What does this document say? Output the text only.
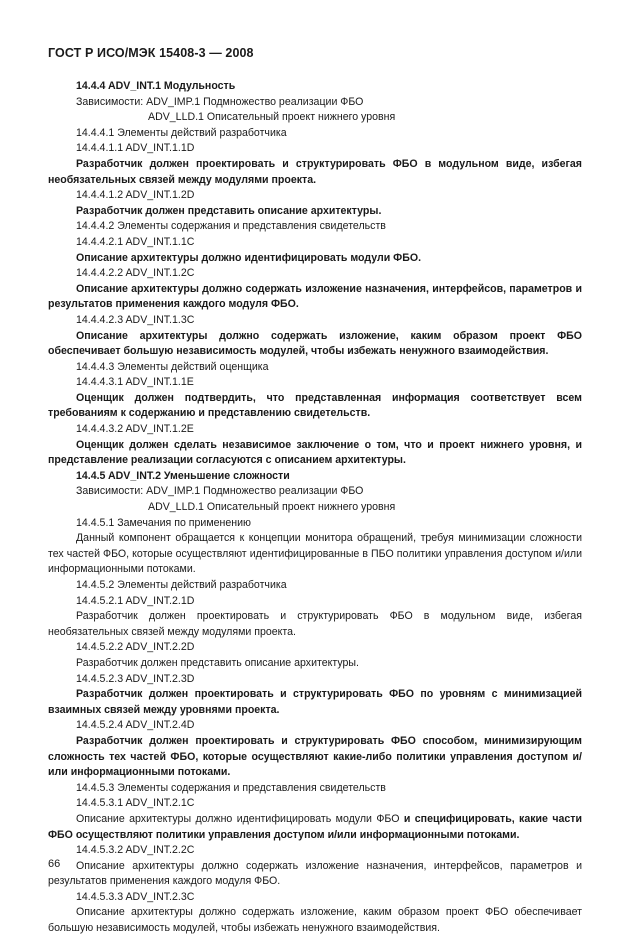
ГОСТ Р ИСО/МЭК 15408-3 — 2008

14.4.4 ADV_INT.1 Модульность

Зависимости: ADV_IMP.1 Подмножество реализации ФБО

ADV_LLD.1 Описательный проект нижнего уровня

14.4.4.1 Элементы действий разработчика

14.4.4.1.1 ADV_INT.1.1D

Разработчик должен проектировать и структурировать ФБО в модульном виде, избегая необязательных связей между модулями проекта.

14.4.4.1.2 ADV_INT.1.2D

Разработчик должен представить описание архитектуры.

14.4.4.2 Элементы содержания и представления свидетельств

14.4.4.2.1 ADV_INT.1.1C

Описание архитектуры должно идентифицировать модули ФБО.

14.4.4.2.2 ADV_INT.1.2C

Описание архитектуры должно содержать изложение назначения, интерфейсов, параметров и результатов применения каждого модуля ФБО.

14.4.4.2.3 ADV_INT.1.3C

Описание архитектуры должно содержать изложение, каким образом проект ФБО обеспечивает большую независимость модулей, чтобы избежать ненужного взаимодействия.

14.4.4.3 Элементы действий оценщика

14.4.4.3.1 ADV_INT.1.1E

Оценщик должен подтвердить, что представленная информация соответствует всем требованиям к содержанию и представлению свидетельств.

14.4.4.3.2 ADV_INT.1.2E

Оценщик должен сделать независимое заключение о том, что и проект нижнего уровня, и представление реализации согласуются с описанием архитектуры.

14.4.5 ADV_INT.2 Уменьшение сложности

Зависимости: ADV_IMP.1 Подмножество реализации ФБО

ADV_LLD.1 Описательный проект нижнего уровня

14.4.5.1 Замечания по применению

Данный компонент обращается к концепции монитора обращений, требуя минимизации сложности тех частей ФБО, которые осуществляют идентифицированные в ПБО политики управления доступом и/или информационными потоками.

14.4.5.2 Элементы действий разработчика

14.4.5.2.1 ADV_INT.2.1D

Разработчик должен проектировать и структурировать ФБО в модульном виде, избегая необязательных связей между модулями проекта.

14.4.5.2.2 ADV_INT.2.2D

Разработчик должен представить описание архитектуры.

14.4.5.2.3 ADV_INT.2.3D

Разработчик должен проектировать и структурировать ФБО по уровням с минимизацией взаимных связей между уровнями проекта.

14.4.5.2.4 ADV_INT.2.4D

Разработчик должен проектировать и структурировать ФБО способом, минимизирующим сложность тех частей ФБО, которые осуществляют какие-либо политики управления доступом и/или информационными потоками.

14.4.5.3 Элементы содержания и представления свидетельств

14.4.5.3.1 ADV_INT.2.1C

Описание архитектуры должно идентифицировать модули ФБО и специфицировать, какие части ФБО осуществляют политики управления доступом и/или информационными потоками.

14.4.5.3.2 ADV_INT.2.2C

Описание архитектуры должно содержать изложение назначения, интерфейсов, параметров и результатов применения каждого модуля ФБО.

14.4.5.3.3 ADV_INT.2.3C

Описание архитектуры должно содержать изложение, каким образом проект ФБО обеспечивает большую независимость модулей, чтобы избежать ненужного взаимодействия.

66
